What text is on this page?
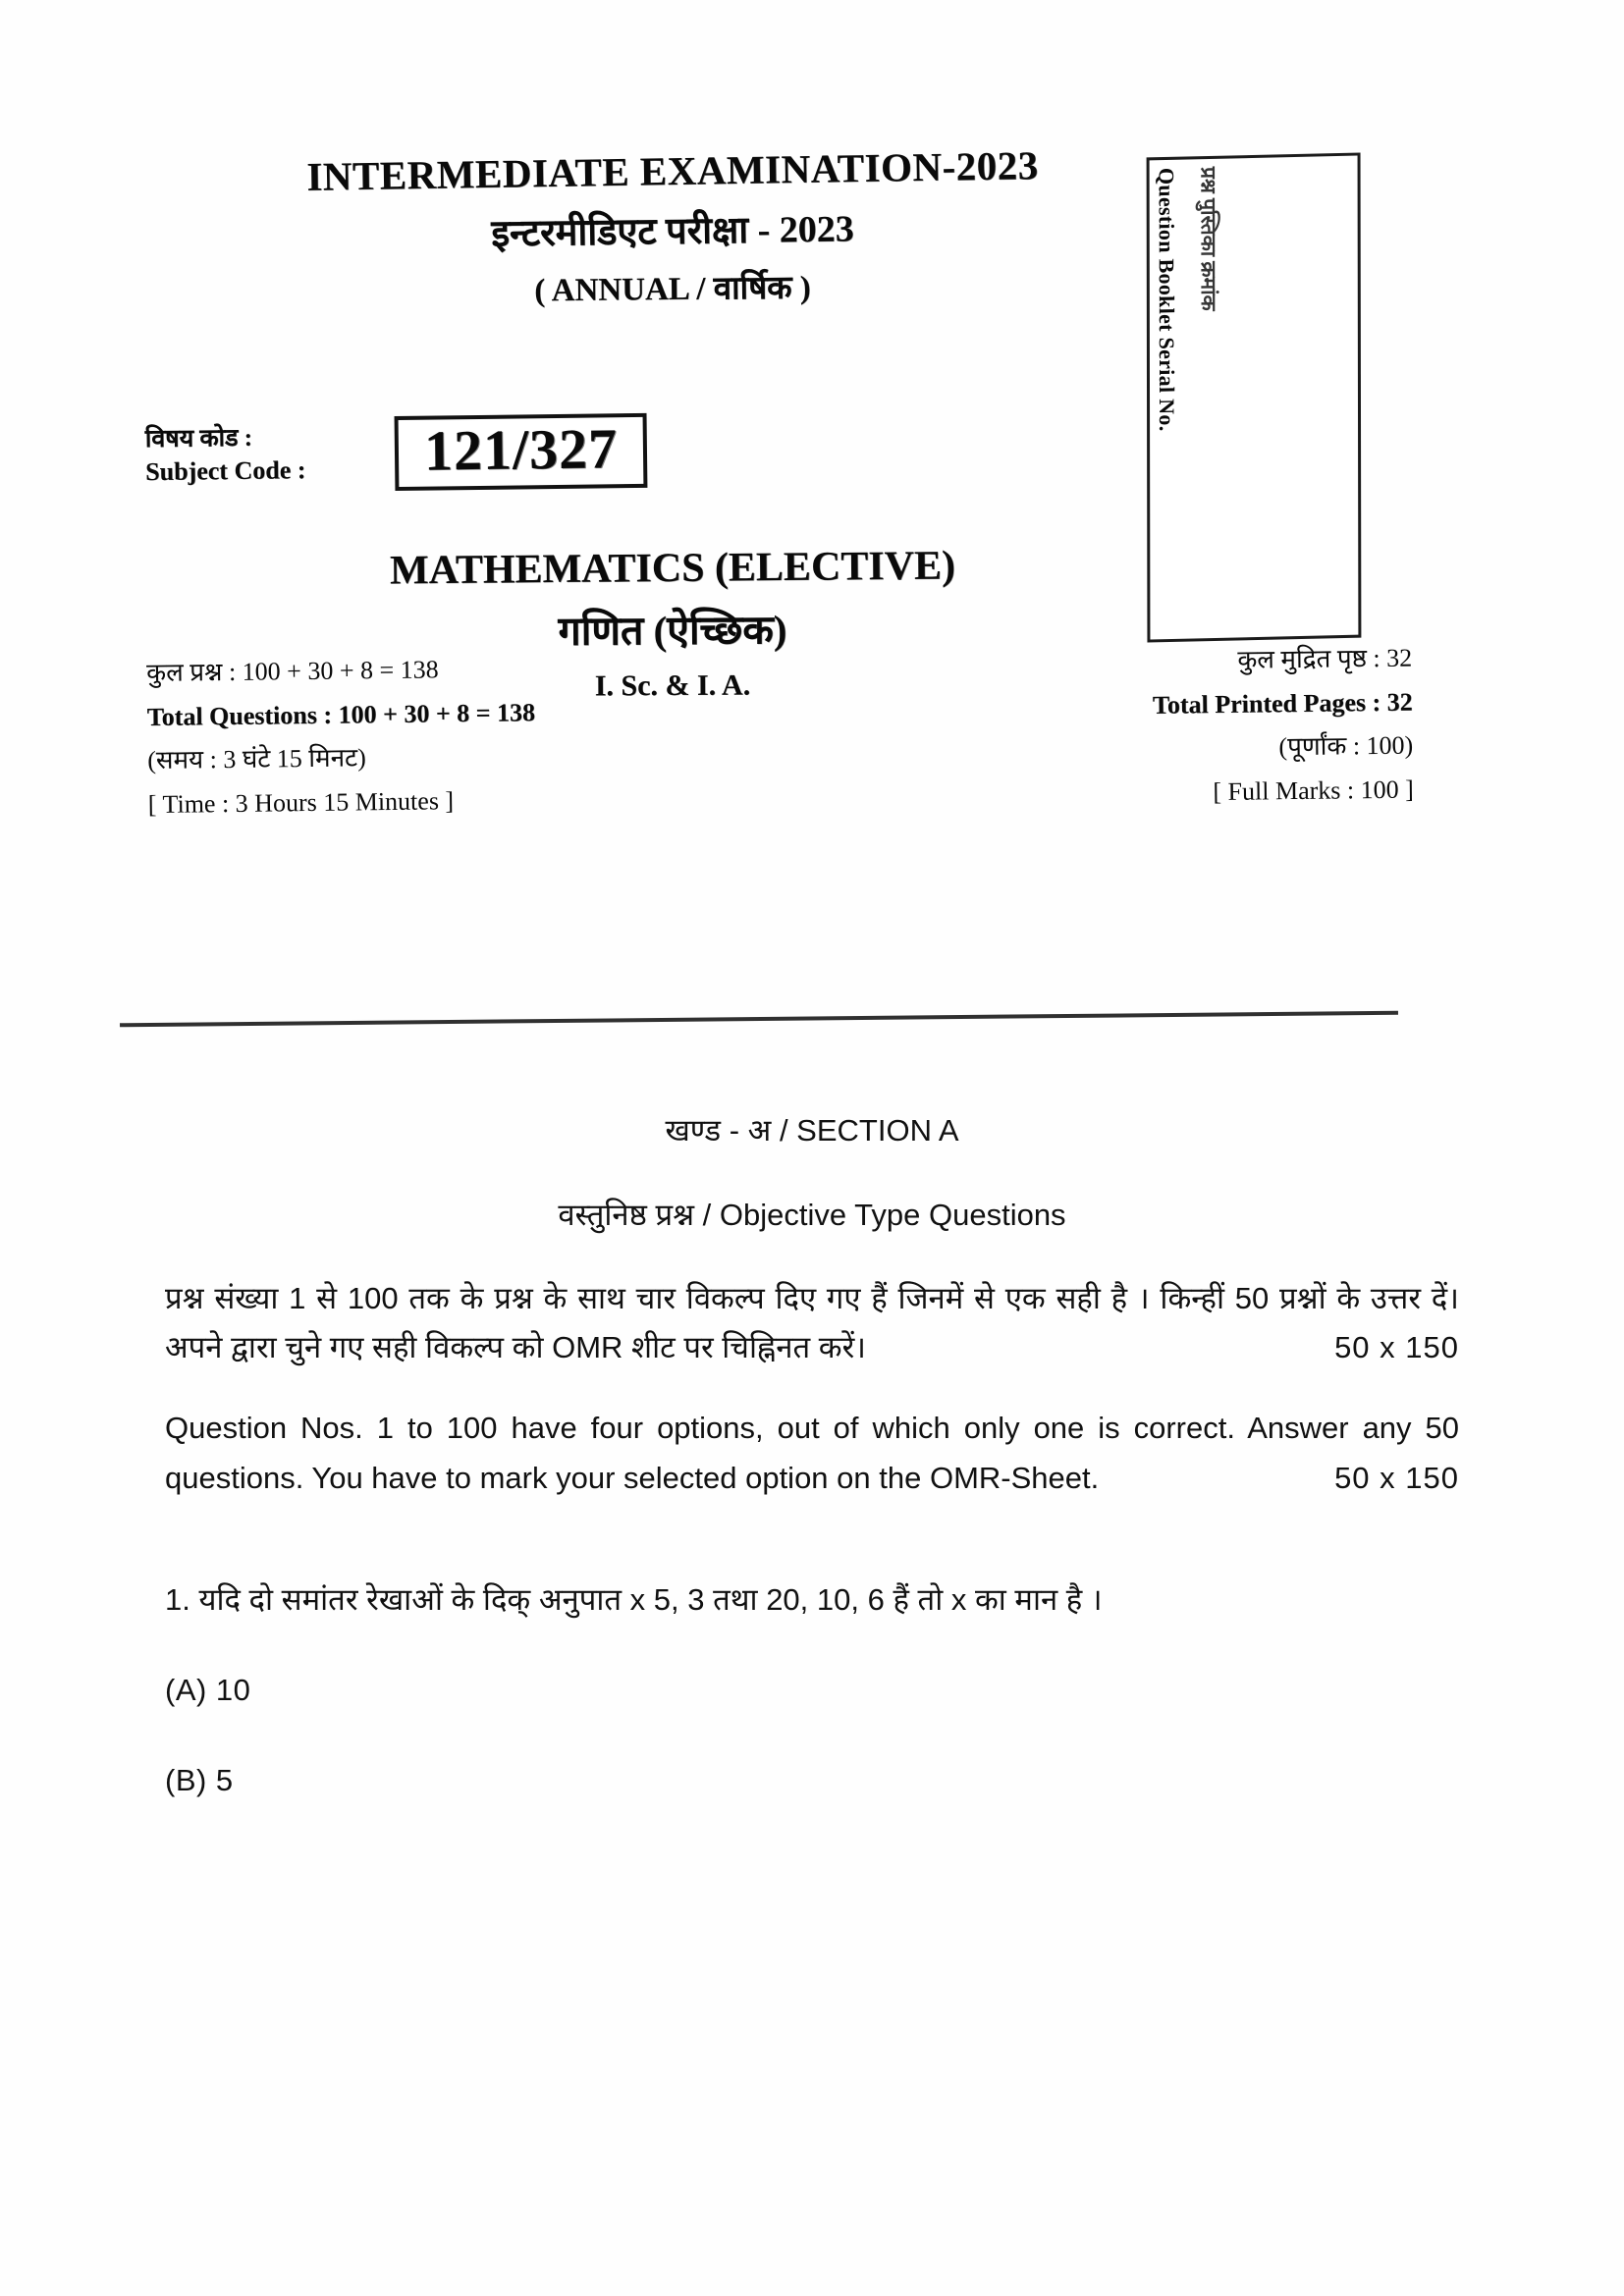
INTERMEDIATE EXAMINATION-2023
इन्टरमीडिएट परीक्षा - 2023
( ANNUAL / वार्षिक )
विषय कोड :
Subject Code :	121/327
MATHEMATICS (ELECTIVE)
गणित (ऐच्छिक)
I. Sc. & I. A.
Question Booklet Serial No. प्रश्न पुस्तिका क्रमांक
कुल प्रश्न : 100 + 30 + 8 = 138
Total Questions : 100 + 30 + 8 = 138
(समय : 3 घंटे 15 मिनट)
[ Time : 3 Hours 15 Minutes ]
कुल मुद्रित पृष्ठ : 32
Total Printed Pages : 32
(पूर्णांक : 100)
[ Full Marks : 100 ]
खण्ड - अ / SECTION A
वस्तुनिष्ठ प्रश्न / Objective Type Questions
प्रश्न संख्या 1 से 100 तक के प्रश्न के साथ चार विकल्प दिए गए हैं जिनमें से एक सही है । किन्हीं 50 प्रश्नों के उत्तर दें। अपने द्वारा चुने गए सही विकल्प को OMR शीट पर चिह्निनत करें।	50 x 150
Question Nos. 1 to 100 have four options, out of which only one is correct. Answer any 50 questions. You have to mark your selected option on the OMR-Sheet.	50 x 150
1. यदि दो समांतर रेखाओं के दिक् अनुपात x 5, 3 तथा 20, 10, 6 हैं तो x का मान है ।
(A) 10
(B) 5
